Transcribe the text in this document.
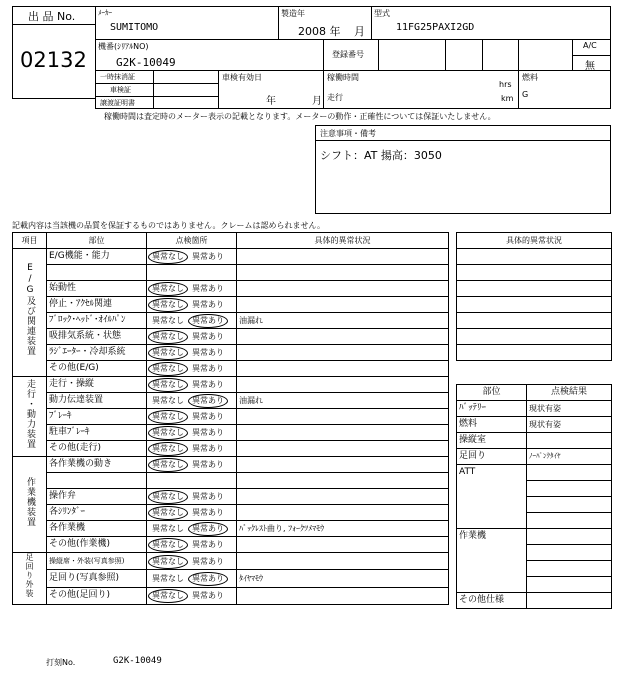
出 品 No.
02132
ﾒｰｶｰ
SUMITOMO
製造年
2008 年 月
型式
11FG25PAXI2GD
機番(ｼﾘｱﾙNO)
G2K-10049
登録番号
A/C
無
一時抹消証
車検証
譲渡証明書
車検有効日
年	月
稼働時間
hrs
走行	km
燃料
G
稼働時間は査定時のメーター表示の記載となります。メーターの動作・正確性については保証いたしません。
注意事項・備考
シフト：AT 揚高：3050
記載内容は当該機の品質を保証するものではありません。クレームは認められません。
項目	部位	点検箇所	具体的異常状況
E/G及び関連装置	E/G機能・能力	異常なし 異常あり	

	始動性	異常なし 異常あり	
	停止・ｱｸｾﾙ関連	異常なし 異常あり	
	ﾌﾞﾛｯｸ･ﾍｯﾄﾞ･ｵｲﾙﾊﾟﾝ	異常なし 異常あり	油漏れ
	吸排気系統・状態	異常なし 異常あり	
	ﾗｼﾞｴｰﾀｰ・冷却系統	異常なし 異常あり	
	その他(E/G)	異常なし 異常あり	
走行・動力装置	走行・操縦	異常なし 異常あり	
	動力伝達装置	異常なし 異常あり	油漏れ
	ﾌﾞﾚｰｷ	異常なし 異常あり	
	駐車ﾌﾞﾚｰｷ	異常なし 異常あり	
	その他(走行)	異常なし 異常あり	
作業機装置	各作業機の動き	異常なし 異常あり	

	操作弁	異常なし 異常あり	
	各ｼﾘﾝﾀﾞｰ	異常なし 異常あり	
	各作業機	異常なし 異常あり	ﾊﾞｯｸﾚｽﾄ曲り, ﾌｫｰｸﾂﾒﾏﾓｳ
	その他(作業機)	異常なし 異常あり	
足回り外装	操縦席・外装(写真参照)	異常なし 異常あり	
	足回り(写真参照)	異常なし 異常あり	ﾀｲﾔﾏﾓｳ
	その他(足回り)	異常なし 異常あり	
具体的異常状況

部位	点検結果
ﾊﾞｯﾃﾘｰ	現状有姿
燃料	現状有姿
操縦室	
足回り	ﾉｰﾊﾟﾝｸﾀｲﾔ
ATT	

作業機	

その他仕様	
打刻No.	G2K-10049
